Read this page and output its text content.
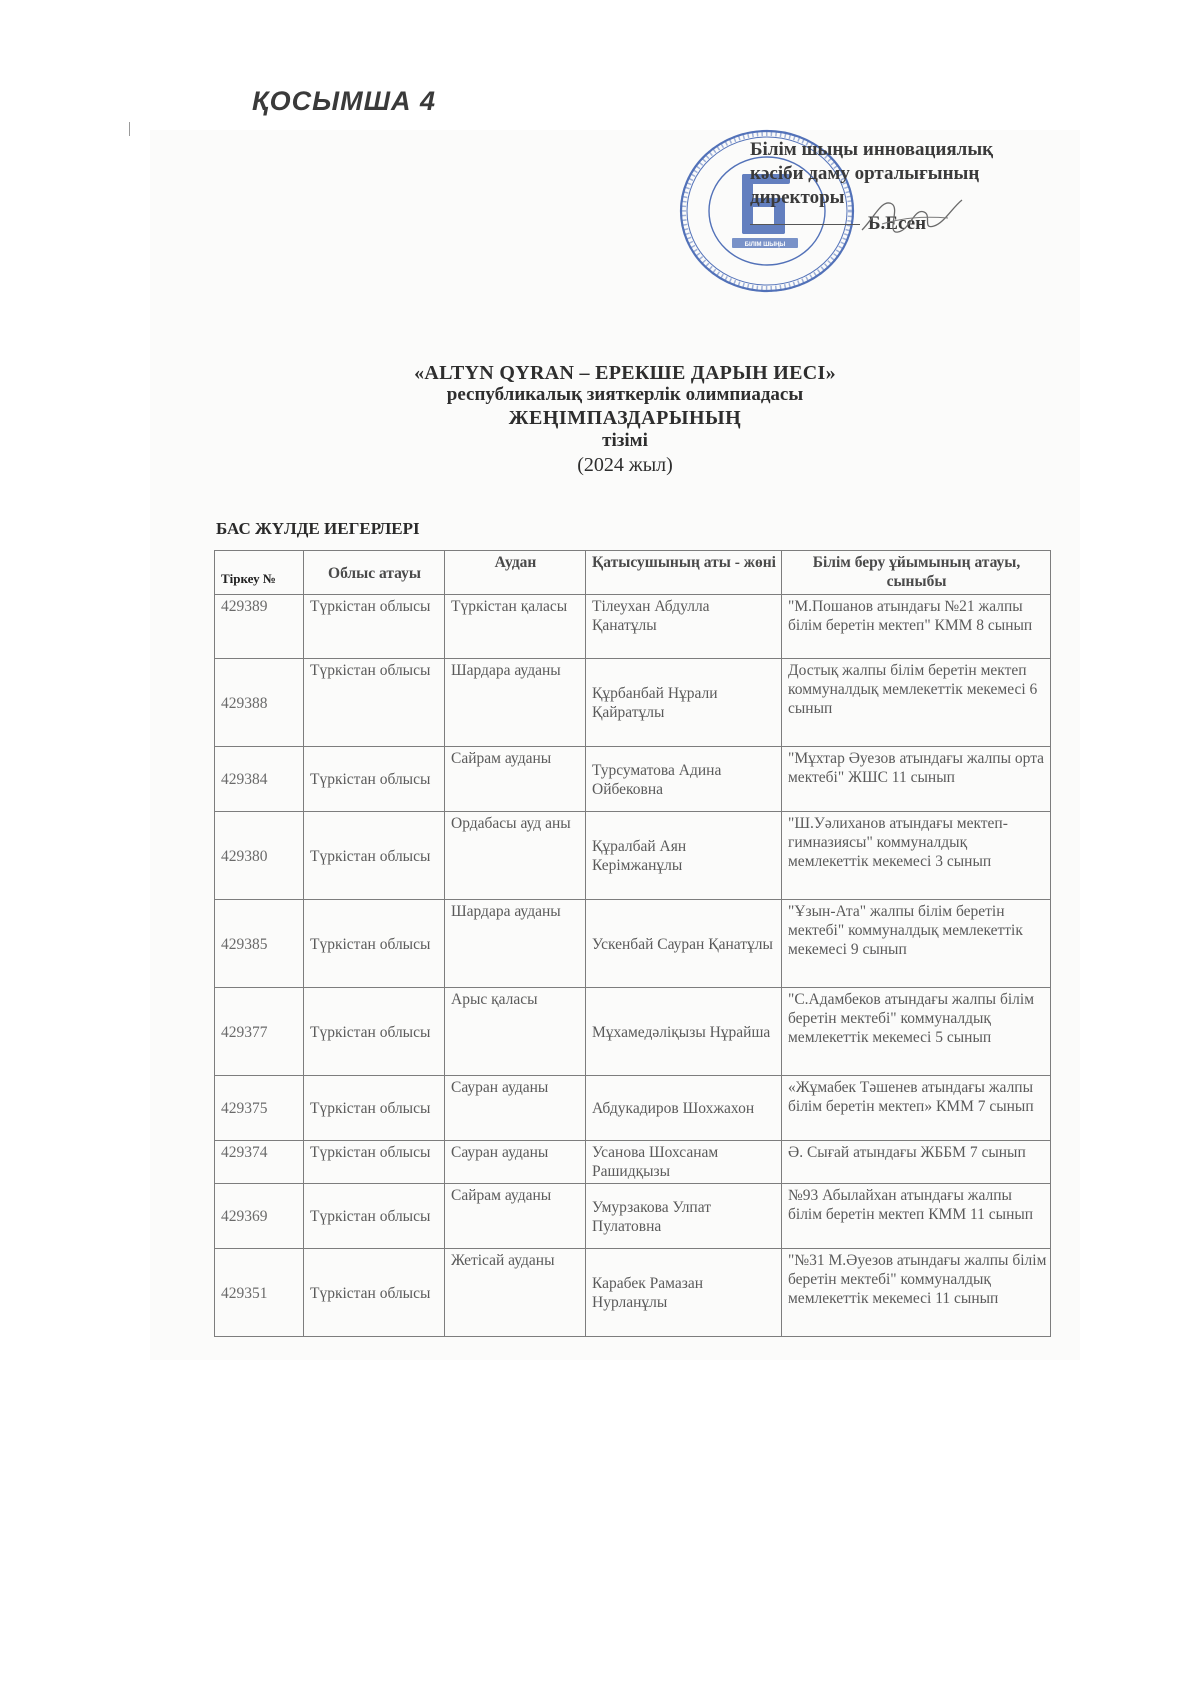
ҚОСЫМША 4
БІЛІМ ШЫҢЫ
Білім шыңы инновациялық
кәсіби даму орталығының
директоры
Б.Есен
«ALTYN QYRAN – ЕРЕКШЕ ДАРЫН ИЕСІ»
республикалық зияткерлік олимпиадасы
ЖЕҢІМПАЗДАРЫНЫҢ
тізімі
(2024 жыл)
БАС ЖҮЛДЕ ИЕГЕРЛЕРІ
Тіркеу №	Облыс атауы	Аудан	Қатысушының аты - жөні	Білім беру ұйымының атауы, сыныбы
429389	Түркістан облысы	Түркістан қаласы	Тілеухан Абдулла Қанатұлы	"М.Пошанов атындағы №21 жалпы білім беретін мектеп" КММ 8 сынып
429388	Түркістан облысы	Шардара ауданы	Құрбанбай Нұрали Қайратұлы	Достық жалпы білім беретін мектеп коммуналдық мемлекеттік мекемесі 6 сынып
429384	Түркістан облысы	Сайрам ауданы	Турсуматова Адина Ойбековна	"Мұхтар Әуезов атындағы жалпы орта мектебі" ЖШС 11 сынып
429380	Түркістан облысы	Ордабасы ауд аны	Құралбай Аян Керімжанұлы	"Ш.Уәлиханов атындағы мектеп-гимназиясы" коммуналдық мемлекеттік мекемесі 3 сынып
429385	Түркістан облысы	Шардара ауданы	Ускенбай Сауран Қанатұлы	"Ұзын-Ата" жалпы білім беретін мектебі" коммуналдық мемлекеттік мекемесі 9 сынып
429377	Түркістан облысы	Арыс қаласы	Мұхамедәліқызы Нұрайша	"С.Адамбеков атындағы жалпы білім беретін мектебі" коммуналдық мемлекеттік мекемесі 5 сынып
429375	Түркістан облысы	Сауран ауданы	Абдукадиров Шохжахон	«Жұмабек Тәшенев атындағы жалпы білім беретін мектеп» КММ 7 сынып
429374	Түркістан облысы	Сауран ауданы	Усанова Шохсанам Рашидқызы	Ә. Сығай атындағы ЖББМ 7 сынып
429369	Түркістан облысы	Сайрам ауданы	Умурзакова Улпат Пулатовна	№93 Абылайхан атындағы жалпы білім беретін мектеп КММ 11 сынып
429351	Түркістан облысы	Жетісай ауданы	Карабек Рамазан Нурланұлы	"№31 М.Әуезов атындағы жалпы білім беретін мектебі" коммуналдық мемлекеттік мекемесі 11 сынып
